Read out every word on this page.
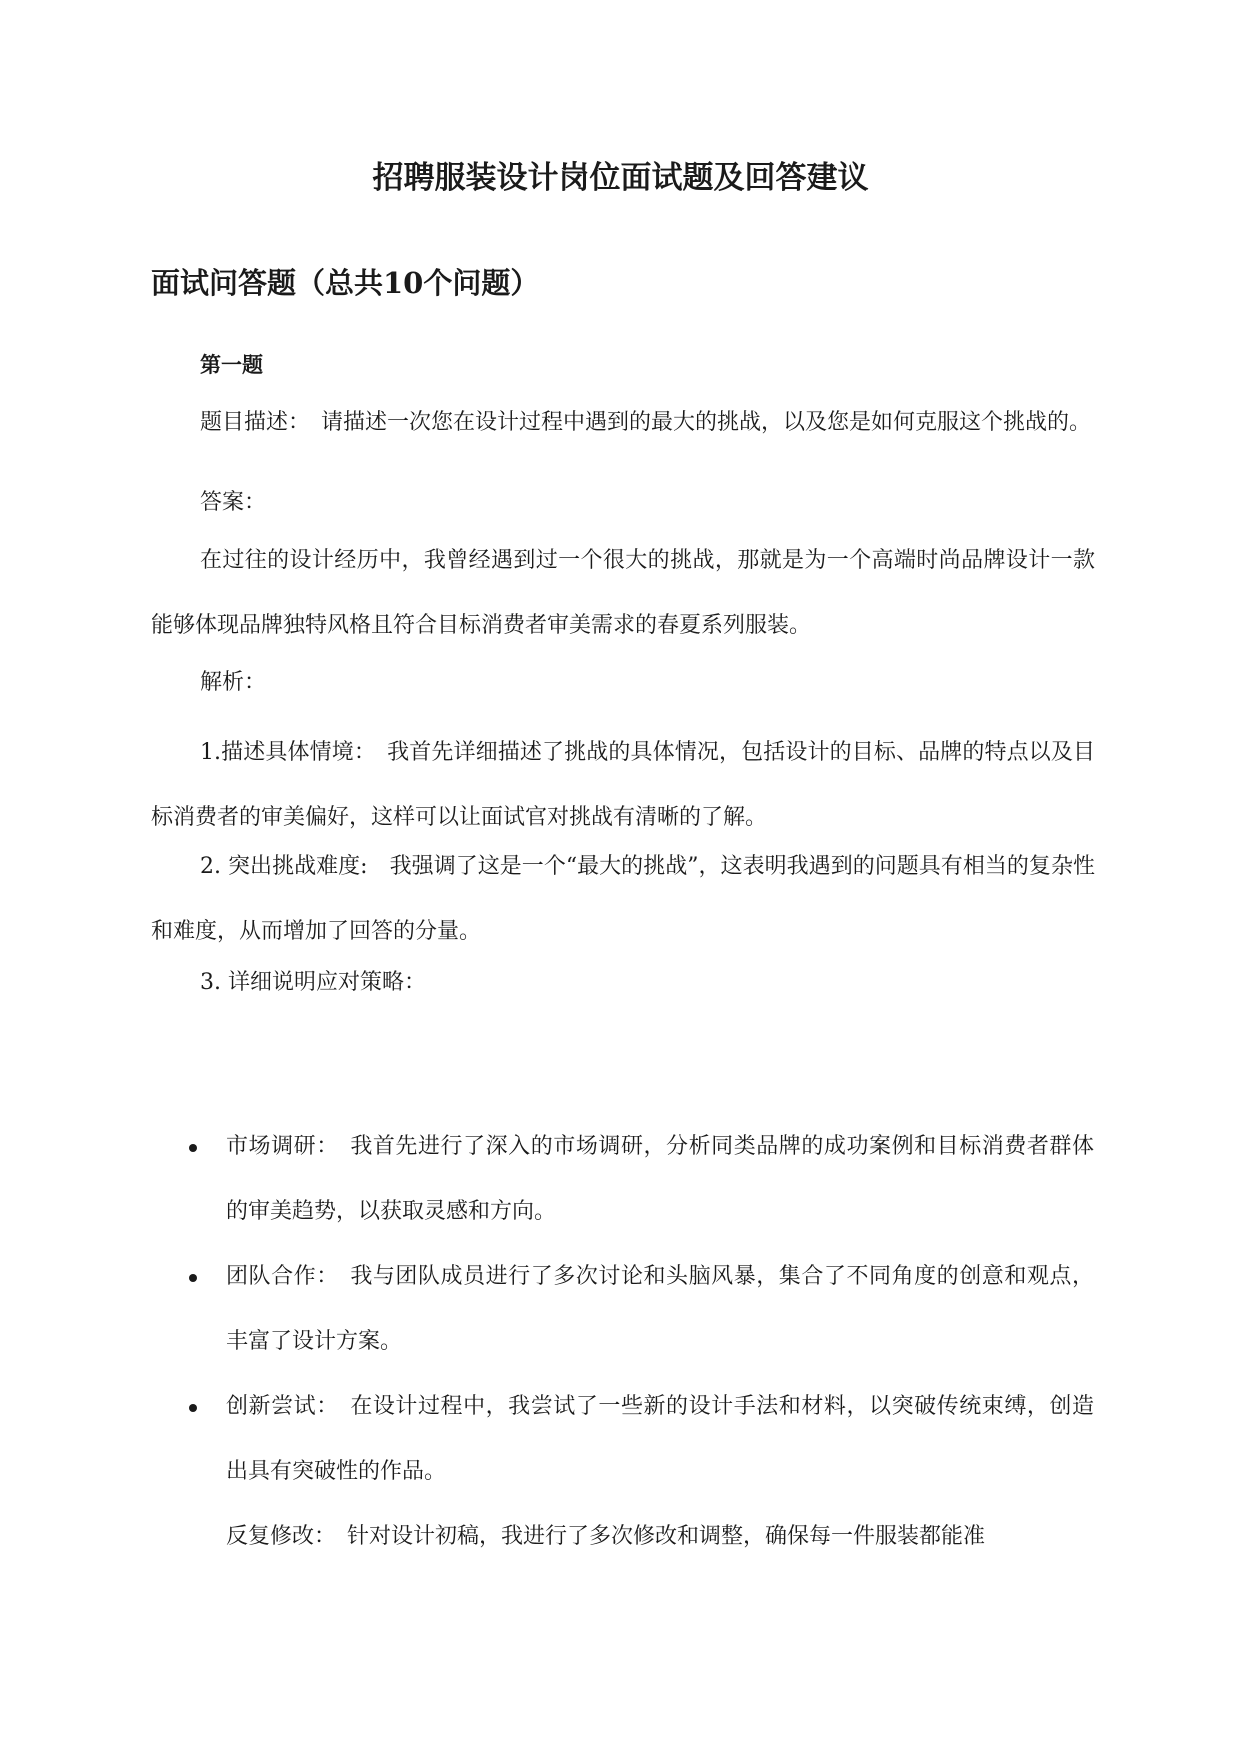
招聘服装设计岗位面试题及回答建议
面试问答题（总共10个问题）
第一题

题目描述：　请描述一次您在设计过程中遇到的最大的挑战，以及您是如何克服这个挑战的。

答案：

在过往的设计经历中，我曾经遇到过一个很大的挑战，那就是为一个高端时尚品牌设计一款能够体现品牌独特风格且符合目标消费者审美需求的春夏系列服装。

解析：

1.描述具体情境：　我首先详细描述了挑战的具体情况，包括设计的目标、品牌的特点以及目标消费者的审美偏好，这样可以让面试官对挑战有清晰的了解。

2. 突出挑战难度:　我强调了这是一个“最大的挑战”，这表明我遇到的问题具有相当的复杂性和难度，从而增加了回答的分量。

3. 详细说明应对策略：

市场调研：　我首先进行了深入的市场调研，分析同类品牌的成功案例和目标消费者群体的审美趋势，以获取灵感和方向。
团队合作：　我与团队成员进行了多次讨论和头脑风暴，集合了不同角度的创意和观点，丰富了设计方案。
创新尝试：　在设计过程中，我尝试了一些新的设计手法和材料，以突破传统束缚，创造出具有突破性的作品。
反复修改：　针对设计初稿，我进行了多次修改和调整，确保每一件服装都能准
